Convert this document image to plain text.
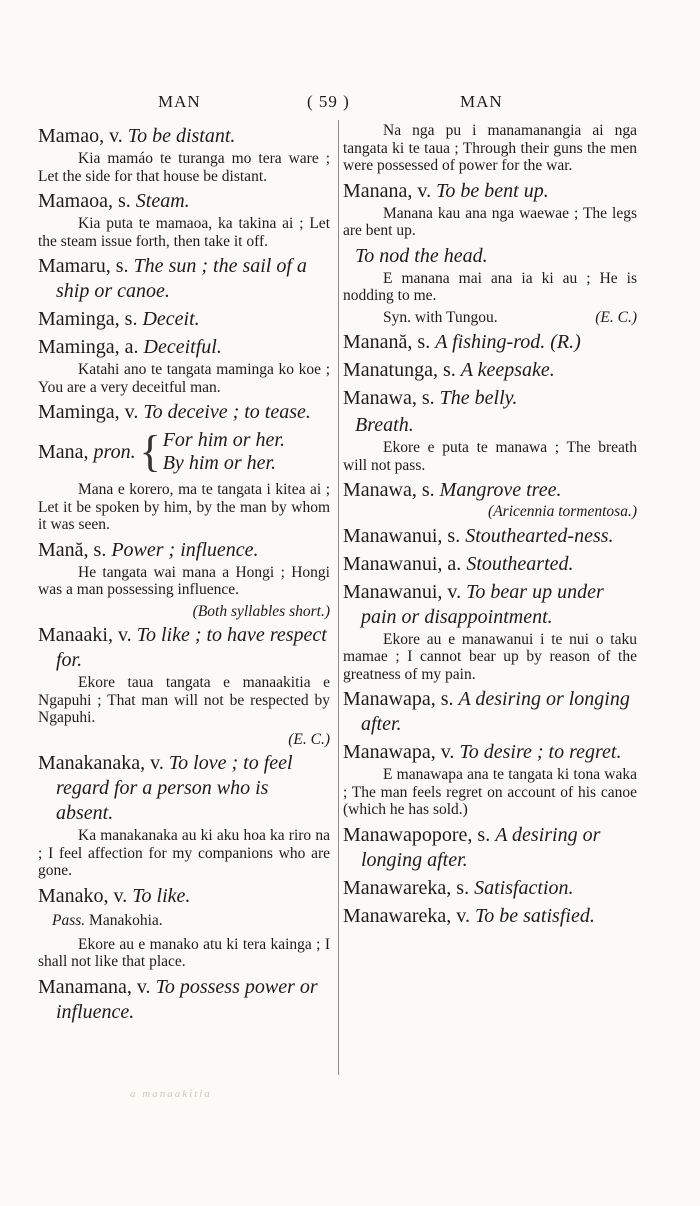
MAN	( 59 )	MAN
Mamao, v. To be distant.
Kia mamáo te turanga mo tera ware ; Let the side for that house be distant.
Mamaoa, s. Steam.
Kia puta te mamaoa, ka takina ai ; Let the steam issue forth, then take it off.
Mamaru, s. The sun ; the sail of a ship or canoe.
Maminga, s. Deceit.
Maminga, a. Deceitful.
Katahi ano te tangata maminga ko koe ; You are a very deceitful man.
Maminga, v. To deceive ; to tease.
Mana, pron. { For him or her.
By him or her.
Mana e korero, ma te tangata i kitea ai ; Let it be spoken by him, by the man by whom it was seen.
Mană, s. Power ; influence.
He tangata wai mana a Hongi ; Hongi was a man possessing influence.
(Both syllables short.)
Manaaki, v. To like ; to have respect for.
Ekore taua tangata e manaakitia e Ngapuhi ; That man will not be respected by Ngapuhi.
(E. C.)
Manakanaka, v. To love ; to feel regard for a person who is absent.
Ka manakanaka au ki aku hoa ka riro na ; I feel affection for my companions who are gone.
Manako, v. To like.
Pass. Manakohia.
Ekore au e manako atu ki tera kainga ; I shall not like that place.
Manamana, v. To possess power or influence.
Na nga pu i manamanangia ai nga tangata ki te taua ; Through their guns the men were possessed of power for the war.
Manana, v. To be bent up.
Manana kau ana nga waewae ; The legs are bent up.
To nod the head.
E manana mai ana ia ki au ; He is nodding to me.
Syn. with Tungou.	(E. C.)
Manană, s. A fishing-rod. (R.)
Manatunga, s. A keepsake.
Manawa, s. The belly.
Breath.
Ekore e puta te manawa ; The breath will not pass.
Manawa, s. Mangrove tree.
(Aricennia tormentosa.)
Manawanui, s. Stouthearted-ness.
Manawanui, a. Stouthearted.
Manawanui, v. To bear up under pain or disappointment.
Ekore au e manawanui i te nui o taku mamae ; I cannot bear up by reason of the greatness of my pain.
Manawapa, s. A desiring or longing after.
Manawapa, v. To desire ; to regret.
E manawapa ana te tangata ki tona waka ; The man feels regret on account of his canoe (which he has sold.)
Manawapopore, s. A desiring or longing after.
Manawareka, s. Satisfaction.
Manawareka, v. To be satisfied.
a manaakitia
